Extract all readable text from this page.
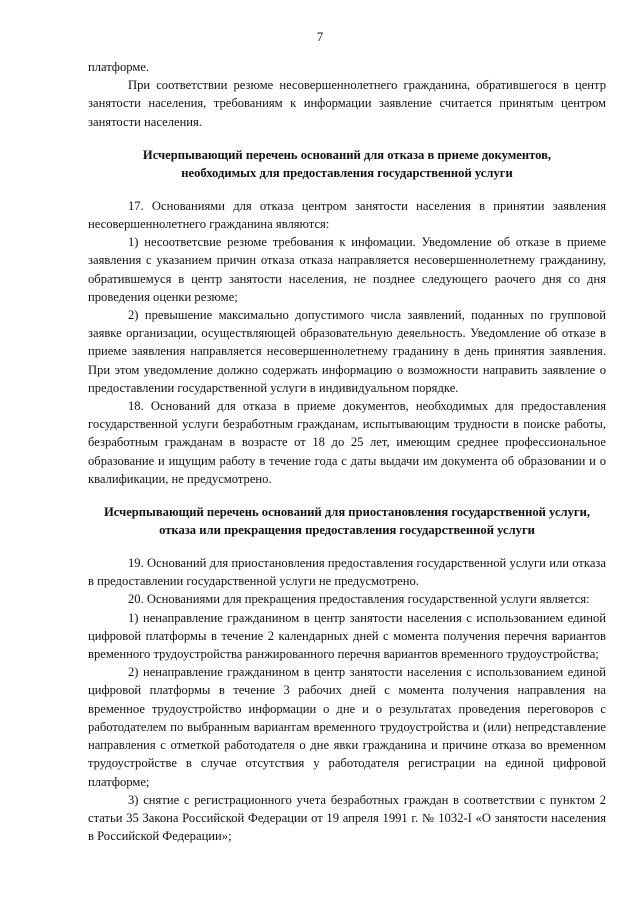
7

платформе.

При соответствии резюме несовершеннолетнего гражданина, обратившегося в центр занятости населения, требованиям к информации заявление считается принятым центром занятости населения.

Исчерпывающий перечень оснований для отказа в приеме документов,

необходимых для предоставления государственной услуги

17. Основаниями для отказа центром занятости населения в принятии заявления несовершеннолетнего гражданина являются:

1) несоответсвие резюме требования к инфомации. Уведомление об отказе в приеме заявления с указанием причин отказа отказа направляется несовершеннолетнему гражданину, обратившемуся в центр занятости населения, не позднее следующего раочего дня со дня проведения оценки резюме;

2) превышение максимально допустимого числа заявлений, поданных по групповой заявке организации, осуществляющей образовательную деяельность. Уведомление об отказе в приеме заявления направляется несовершеннолетнему граданину в день принятия заявления. При этом уведомление должно содержать информацию о возможности направить заявление о предоставлении государственной услуги в индивидуальном порядке.

18. Оснований для отказа в приеме документов, необходимых для предоставления государственной услуги безработным гражданам, испытывающим трудности в поиске работы, безработным гражданам в возрасте от 18 до 25 лет, имеющим среднее профессиональное образование и ищущим работу в течение года с даты выдачи им документа об образовании и о квалификации, не предусмотрено.

Исчерпывающий перечень оснований для приостановления государственной услуги,

отказа или прекращения предоставления государственной услуги

19. Оснований для приостановления предоставления государственной услуги или отказа в предоставлении государственной услуги не предусмотрено.

20. Основаниями для прекращения предоставления государственной услуги является:

1) ненаправление гражданином в центр занятости населения с использованием единой цифровой платформы в течение 2 календарных дней с момента получения перечня вариантов временного трудоустройства ранжированного перечня вариантов временного трудоустройства;

2) ненаправление гражданином в центр занятости населения с использованием единой цифровой платформы в течение 3 рабочих дней с момента получения направления на временное трудоустройство информации о дне и о результатах проведения переговоров с работодателем по выбранным вариантам временного трудоустройства и (или) непредставление направления с отметкой работодателя о дне явки гражданина и причине отказа во временном трудоустройстве в случае отсутствия у работодателя регистрации на единой цифровой платформе;

3) снятие с регистрационного учета безработных граждан в соответствии с пунктом 2 статьи 35 Закона Российской Федерации от 19 апреля 1991 г. № 1032-I «О занятости населения в Российской Федерации»;
